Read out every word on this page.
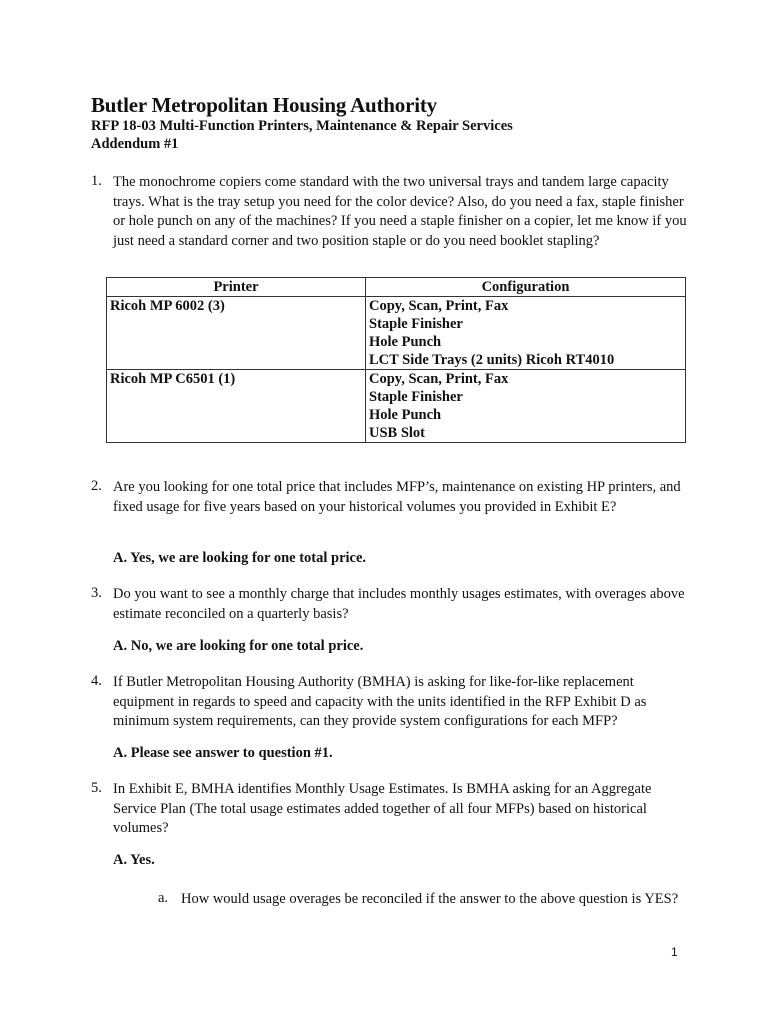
Butler Metropolitan Housing Authority
RFP 18-03 Multi-Function Printers, Maintenance & Repair Services
Addendum #1
1. The monochrome copiers come standard with the two universal trays and tandem large capacity trays. What is the tray setup you need for the color device? Also, do you need a fax, staple finisher or hole punch on any of the machines? If you need a staple finisher on a copier, let me know if you just need a standard corner and two position staple or do you need booklet stapling?
Printer	Configuration
Ricoh MP 6002 (3)	Copy, Scan, Print, Fax
Staple Finisher
Hole Punch
LCT Side Trays (2 units) Ricoh RT4010

Ricoh MP C6501 (1)	Copy, Scan, Print, Fax
Staple Finisher
Hole Punch
USB Slot
2. Are you looking for one total price that includes MFP’s, maintenance on existing HP printers, and fixed usage for five years based on your historical volumes you provided in Exhibit E?
A. Yes, we are looking for one total price.
3. Do you want to see a monthly charge that includes monthly usages estimates, with overages above estimate reconciled on a quarterly basis?
A. No, we are looking for one total price.
4. If Butler Metropolitan Housing Authority (BMHA) is asking for like-for-like replacement equipment in regards to speed and capacity with the units identified in the RFP Exhibit D as minimum system requirements, can they provide system configurations for each MFP?
A. Please see answer to question #1.
5. In Exhibit E, BMHA identifies Monthly Usage Estimates. Is BMHA asking for an Aggregate Service Plan (The total usage estimates added together of all four MFPs) based on historical volumes?
A. Yes.
a. How would usage overages be reconciled if the answer to the above question is YES?
1
